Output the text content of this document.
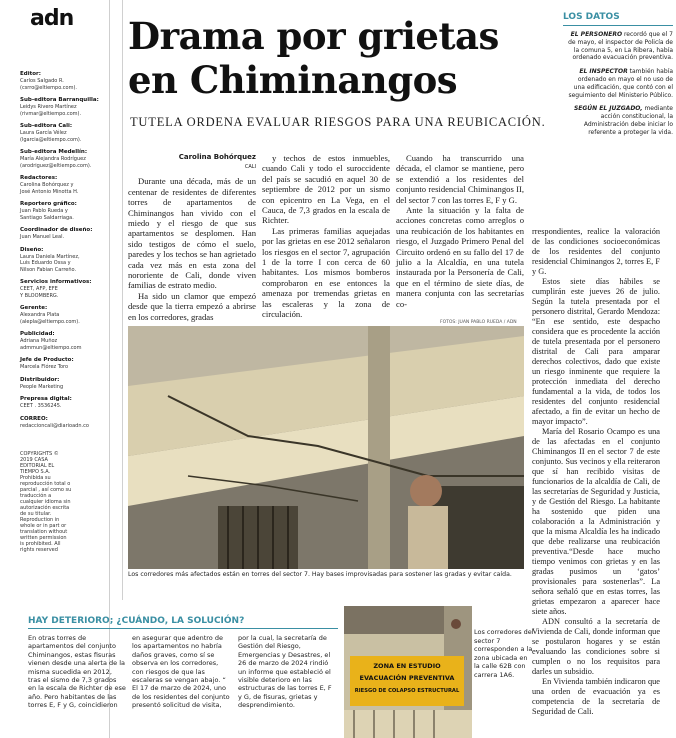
adn
Editor:
Carlos Salgado R.
(csrro@eltiempo.com).
Sub-editora Barranquilla:
Leidys Rivero Martínez
(rivmar@eltiempo.com).
Sub-editora Cali:
Laura García Vélez
(lgarcia@eltiempo.com).
Sub-editora Medellín:
María Alejandra Rodríguez
(arodriguez@eltiempo.com).
Redactores:
Carolina Bohórquez y
José Antonio Minotta H.
Reportero gráfico:
Juan Pablo Rueda y
Santiago Saldarriaga.
Coordinador de diseño:
Juan Manuel Leal.
Diseño:
Laura Daniela Martínez,
Luis Eduardo Ossa y
Nilson Fabian Carreño.
Servicios informativos:
CEET, AFP, EFE
Y BLOOMBERG.
Gerente:
Alexandra Plata
(alepla@eltiempo.com).
Publicidad:
Adriana Muñoz
admmun@eltiempo.com
Jefe de Producto:
Marcela Flórez Toro
Distribuidor:
People Marketing
Prepresa digital:
CEET . 3536245.
CORREO:
redaccioncali@diarioadn.co
COPYRIGHTS © 2019 CASA EDITORIAL EL TIEMPO S.A. Prohibida su reproducción total o parcial , así como su traducción a cualquier idioma sin autorización escrita de su titular. Reproduction in whole or in part or translation without written permission is prohibited. All rights reserved
Drama por grietas
en Chiminangos
TUTELA ORDENA EVALUAR RIESGOS PARA UNA REUBICACIÓN.
Carolina Bohórquez
CALI

Durante una década, más de un centenar de residentes de diferentes torres de apartamentos de Chiminangos han vivido con el miedo y el riesgo de que sus apartamentos se desplomen. Han sido testigos de cómo el suelo, paredes y los techos se han agrietado cada vez más en esta zona del nororiente de Cali, donde viven familias de estrato medio.

Ha sido un clamor que empezó desde que la tierra empezó a abrirse en los corredores, gradas

y techos de estos inmuebles, cuando Cali y todo el suroccidente del país se sacudió en aquel 30 de septiembre de 2012 por un sismo con epicentro en La Vega, en el Cauca, de 7,3 grados en la escala de Richter.

Las primeras familias aquejadas por las grietas en ese 2012 señalaron los riesgos en el sector 7, agrupación 1 de la torre I con cerca de 60 habitantes. Los mismos bomberos comprobaron en ese entonces la amenaza por tremendas grietas en las escaleras y la zona de circulación.

Cuando ha transcurrido una década, el clamor se mantiene, pero se extendió a los residentes del conjunto residencial Chiminangos II, del sector 7 con las torres E, F y G.

Ante la situación y la falta de acciones concretas como arreglos o una reubicación de los habitantes en riesgo, el Juzgado Primero Penal del Circuito ordenó en su fallo del 17 de julio a la Alcaldía, en una tutela instaurada por la Personería de Cali, que en el término de siete días, de manera conjunta con las secretarías co-

rrespondientes, realice la valoración de las condiciones socioeconómicas de los residentes del conjunto residencial Chiminangos 2, torres E, F y G.

Estos siete días hábiles se cumplirán este jueves 26 de julio. Según la tutela presentada por el personero distrital, Gerardo Mendoza: “En ese sentido, este despacho considera que es procedente la acción de tutela presentada por el personero distrital de Cali para amparar derechos colectivos, dado que existe un riesgo inminente que requiere la protección inmediata del derecho fundamental a la vida, de todos los residentes del conjunto residencial afectado, a fin de evitar un hecho de mayor impacto”.

María del Rosario Ocampo es una de las afectadas en el conjunto Chiminangos II en el sector 7 de este conjunto. Sus vecinos y ella reiteraron que sí han recibido visitas de funcionarios de la alcaldía de Cali, de las secretarías de Seguridad y Justicia, y de Gestión del Riesgo. La habitante ha sostenido que piden una colaboración a la Administración y que la misma Alcaldía les ha indicado que debe realizarse una reubicación preventiva.“Desde hace mucho tiempo venimos con grietas y en las gradas pusimos un ‘gatos’ provisionales para sostenerlas”. La señora señaló que en estas torres, las grietas empezaron a aparecer hace siete años.

ADN consultó a la secretaría de Vivienda de Cali, donde informan que se postularon hogares y se están evaluando las condiciones sobre si cumplen o no los requisitos para darles un subsidio.

En Vivienda también indicaron que una orden de evacuación ya es competencia de la secretaría de Seguridad de Cali.

LOS DATOS
EL PERSONERO recordó que el 7 de mayo, el inspector de Policía de la comuna 5, en La Ribera, había ordenado evacuación preventiva.
EL INSPECTOR también había ordenado en mayo el no uso de una edificación, que contó con el seguimiento del Ministerio Público.
SEGÚN EL JUZGADO, mediante acción constitucional, la Administración debe iniciar lo referente a proteger la vida.
FOTOS: JUAN PABLO RUEDA / ADN
Los corredores más afectados están en torres del sector 7. Hay bases improvisadas para sostener las gradas y evitar caída.
HAY DETERIORO; ¿CUÁNDO, LA SOLUCIÓN?
En otras torres de apartamentos del conjunto Chiminangos, estas fisuras vienen desde una alerta de la misma sucedida en 2012, tras el sismo de 7,3 grados en la escala de Richter de ese año. Pero habitantes de las torres E, F y G, coincidieron
en asegurar que adentro de los apartamentos no habría daños graves, como sí se observa en los corredores, con riesgos de que las escaleras se vengan abajo. “ El 17 de marzo de 2024, uno de los residentes del conjunto presentó solicitud de visita,
por la cual, la secretaría de Gestión del Riesgo, Emergencias y Desastres, el 26 de marzo de 2024 rindió un informe que estableció el visible deterioro en las estructuras de las torres E, F y G, de fisuras, grietas y desprendimiento.
ZONA EN ESTUDIO
EVACUACIÓN PREVENTIVA
RIESGO DE COLAPSO ESTRUCTURAL
Los corredores del sector 7 corresponden a la zona ubicada en la calle 62B con carrera 1A6.
